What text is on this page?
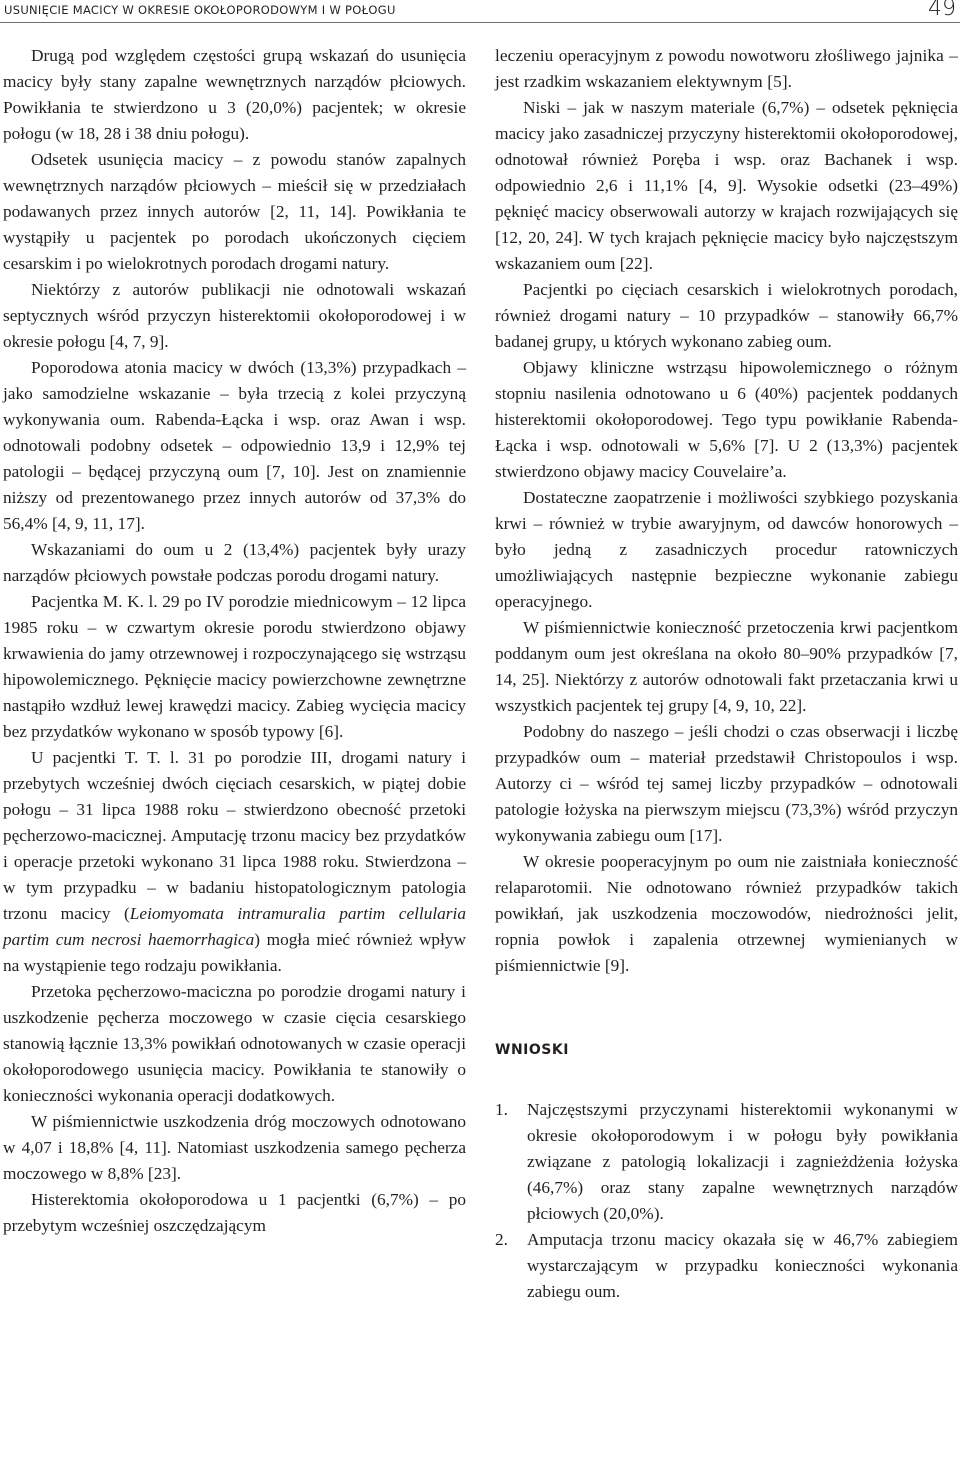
USUNIĘCIE MACICY W OKRESIE OKOŁOPORODOWYM I W POŁOGU	49

Drugą pod względem częstości grupą wskazań do usunięcia macicy były stany zapalne wewnętrznych narządów płciowych. Powikłania te stwierdzono u 3 (20,0%) pacjentek; w okresie połogu (w 18, 28 i 38 dniu połogu).

Odsetek usunięcia macicy – z powodu stanów zapalnych wewnętrznych narządów płciowych – mieścił się w przedziałach podawanych przez innych autorów [2, 11, 14]. Powikłania te wystąpiły u pacjentek po porodach ukończonych cięciem cesarskim i po wielokrotnych porodach drogami natury.

Niektórzy z autorów publikacji nie odnotowali wskazań septycznych wśród przyczyn histerektomii okołoporodowej i w okresie połogu [4, 7, 9].

Poporodowa atonia macicy w dwóch (13,3%) przypadkach – jako samodzielne wskazanie – była trzecią z kolei przyczyną wykonywania oum. Rabenda-Łącka i wsp. oraz Awan i wsp. odnotowali podobny odsetek – odpowiednio 13,9 i 12,9% tej patologii – będącej przyczyną oum [7, 10]. Jest on znamiennie niższy od prezentowanego przez innych autorów od 37,3% do 56,4% [4, 9, 11, 17].

Wskazaniami do oum u 2 (13,4%) pacjentek były urazy narządów płciowych powstałe podczas porodu drogami natury.

Pacjentka M. K. l. 29 po IV porodzie miednicowym – 12 lipca 1985 roku – w czwartym okresie porodu stwierdzono objawy krwawienia do jamy otrzewnowej i rozpoczynającego się wstrząsu hipowolemicznego. Pęknięcie macicy powierzchowne zewnętrzne nastąpiło wzdłuż lewej krawędzi macicy. Zabieg wycięcia macicy bez przydatków wykonano w sposób typowy [6].

U pacjentki T. T. l. 31 po porodzie III, drogami natury i przebytych wcześniej dwóch cięciach cesarskich, w piątej dobie połogu – 31 lipca 1988 roku – stwierdzono obecność przetoki pęcherzowo-macicznej. Amputację trzonu macicy bez przydatków i operacje przetoki wykonano 31 lipca 1988 roku. Stwierdzona – w tym przypadku – w badaniu histopatologicznym patologia trzonu macicy (Leiomyomata intramuralia partim cellularia partim cum necrosi haemorrhagica) mogła mieć również wpływ na wystąpienie tego rodzaju powikłania.

Przetoka pęcherzowo-maciczna po porodzie drogami natury i uszkodzenie pęcherza moczowego w czasie cięcia cesarskiego stanowią łącznie 13,3% powikłań odnotowanych w czasie operacji okołoporodowego usunięcia macicy. Powikłania te stanowiły o konieczności wykonania operacji dodatkowych.

W piśmiennictwie uszkodzenia dróg moczowych odnotowano w 4,07 i 18,8% [4, 11]. Natomiast uszkodzenia samego pęcherza moczowego w 8,8% [23].

Histerektomia okołoporodowa u 1 pacjentki (6,7%) – po przebytym wcześniej oszczędzającym

leczeniu operacyjnym z powodu nowotworu złośliwego jajnika – jest rzadkim wskazaniem elektywnym [5].

Niski – jak w naszym materiale (6,7%) – odsetek pęknięcia macicy jako zasadniczej przyczyny histerektomii okołoporodowej, odnotował również Poręba i wsp. oraz Bachanek i wsp. odpowiednio 2,6 i 11,1% [4, 9]. Wysokie odsetki (23–49%) pęknięć macicy obserwowali autorzy w krajach rozwijających się [12, 20, 24]. W tych krajach pęknięcie macicy było najczęstszym wskazaniem oum [22].

Pacjentki po cięciach cesarskich i wielokrotnych porodach, również drogami natury – 10 przypadków – stanowiły 66,7% badanej grupy, u których wykonano zabieg oum.

Objawy kliniczne wstrząsu hipowolemicznego o różnym stopniu nasilenia odnotowano u 6 (40%) pacjentek poddanych histerektomii okołoporodowej. Tego typu powikłanie Rabenda-Łącka i wsp. odnotowali w 5,6% [7]. U 2 (13,3%) pacjentek stwierdzono objawy macicy Couvelaire’a.

Dostateczne zaopatrzenie i możliwości szybkiego pozyskania krwi – również w trybie awaryjnym, od dawców honorowych – było jedną z zasadniczych procedur ratowniczych umożliwiających następnie bezpieczne wykonanie zabiegu operacyjnego.

W piśmiennictwie konieczność przetoczenia krwi pacjentkom poddanym oum jest określana na około 80–90% przypadków [7, 14, 25]. Niektórzy z autorów odnotowali fakt przetaczania krwi u wszystkich pacjentek tej grupy [4, 9, 10, 22].

Podobny do naszego – jeśli chodzi o czas obserwacji i liczbę przypadków oum – materiał przedstawił Christopoulos i wsp. Autorzy ci – wśród tej samej liczby przypadków – odnotowali patologie łożyska na pierwszym miejscu (73,3%) wśród przyczyn wykonywania zabiegu oum [17].

W okresie pooperacyjnym po oum nie zaistniała konieczność relaparotomii. Nie odnotowano również przypadków takich powikłań, jak uszkodzenia moczowodów, niedrożności jelit, ropnia powłok i zapalenia otrzewnej wymienianych w piśmiennictwie [9].

WNIOSKI
1. Najczęstszymi przyczynami histerektomii wykonanymi w okresie okołoporodowym i w połogu były powikłania związane z patologią lokalizacji i zagnieżdżenia łożyska (46,7%) oraz stany zapalne wewnętrznych narządów płciowych (20,0%).
2. Amputacja trzonu macicy okazała się w 46,7% zabiegiem wystarczającym w przypadku konieczności wykonania zabiegu oum.
